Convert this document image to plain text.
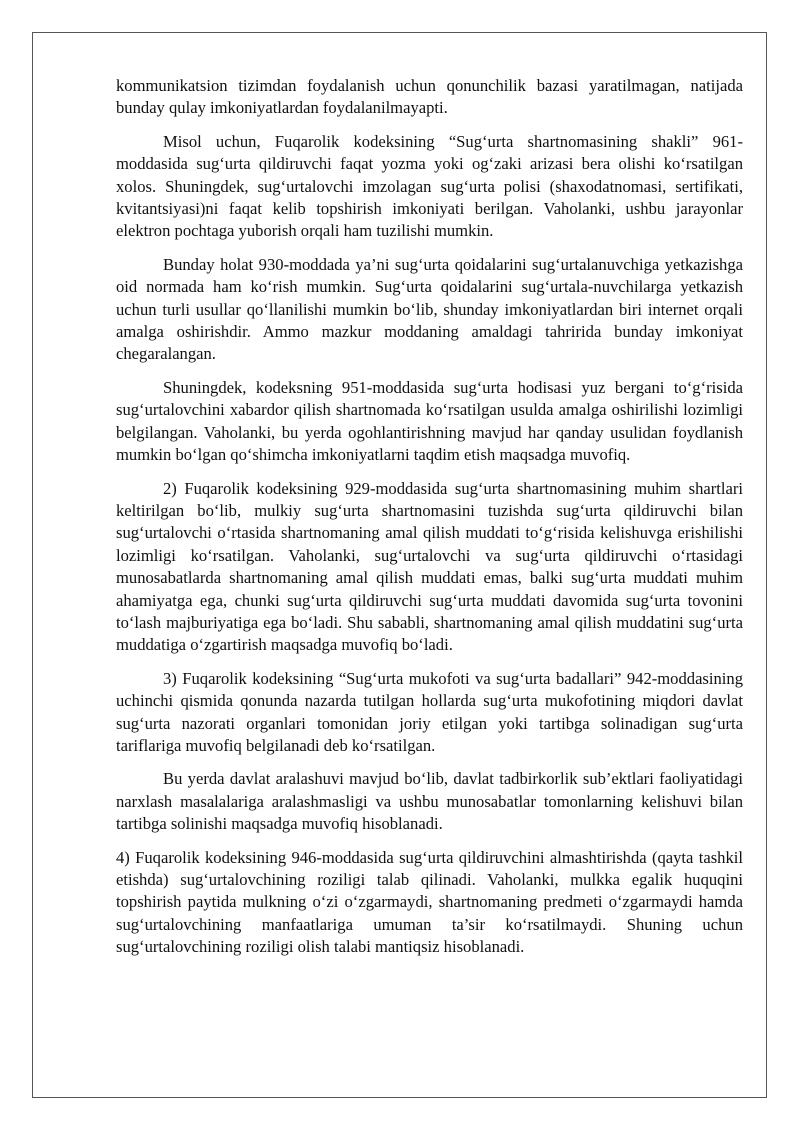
kommunikatsion tizimdan foydalanish uchun qonunchilik bazasi yaratilmagan, natijada bunday qulay imkoniyatlardan foydalanilmayapti.

Misol uchun, Fuqarolik kodeksining “Sug‘urta shartnomasining shakli” 961-moddasida sug‘urta qildiruvchi faqat yozma yoki og‘zaki arizasi bera olishi ko‘rsatilgan xolos. Shuningdek, sug‘urtalovchi imzolagan sug‘urta polisi (shaxodatnomasi, sertifikati, kvitantsiyasi)ni faqat kelib topshirish imkoniyati berilgan. Vaholanki, ushbu jarayonlar elektron pochtaga yuborish orqali ham tuzilishi mumkin.

Bunday holat 930-moddada ya’ni sug‘urta qoidalarini sug‘urtalanuvchiga yetkazishga oid normada ham ko‘rish mumkin. Sug‘urta qoidalarini sug‘urtala-nuvchilarga yetkazish uchun turli usullar qo‘llanilishi mumkin bo‘lib, shunday imkoniyatlardan biri internet orqali amalga oshirishdir. Ammo mazkur moddaning amaldagi tahririda bunday imkoniyat chegaralangan.

Shuningdek, kodeksning 951-moddasida sug‘urta hodisasi yuz bergani to‘g‘risida sug‘urtalovchini xabardor qilish shartnomada ko‘rsatilgan usulda amalga oshirilishi lozimligi belgilangan. Vaholanki, bu yerda ogohlantirishning mavjud har qanday usulidan foydlanish mumkin bo‘lgan qo‘shimcha imkoniyatlarni taqdim etish maqsadga muvofiq.

2) Fuqarolik kodeksining 929-moddasida sug‘urta shartnomasining muhim shartlari keltirilgan bo‘lib, mulkiy sug‘urta shartnomasini tuzishda sug‘urta qildiruvchi bilan sug‘urtalovchi o‘rtasida shartnomaning amal qilish muddati to‘g‘risida kelishuvga erishilishi lozimligi ko‘rsatilgan. Vaholanki, sug‘urtalovchi va sug‘urta qildiruvchi o‘rtasidagi munosabatlarda shartnomaning amal qilish muddati emas, balki sug‘urta muddati muhim ahamiyatga ega, chunki sug‘urta qildiruvchi sug‘urta muddati davomida sug‘urta tovonini to‘lash majburiyatiga ega bo‘ladi. Shu sababli, shartnomaning amal qilish muddatini sug‘urta muddatiga o‘zgartirish maqsadga muvofiq bo‘ladi.

3) Fuqarolik kodeksining “Sug‘urta mukofoti va sug‘urta badallari” 942-moddasining uchinchi qismida qonunda nazarda tutilgan hollarda sug‘urta mukofotining miqdori davlat sug‘urta nazorati organlari tomonidan joriy etilgan yoki tartibga solinadigan sug‘urta tariflariga muvofiq belgilanadi deb ko‘rsatilgan.

Bu yerda davlat aralashuvi mavjud bo‘lib, davlat tadbirkorlik sub’ektlari faoliyatidagi narxlash masalalariga aralashmasligi va ushbu munosabatlar tomonlarning kelishuvi bilan tartibga solinishi maqsadga muvofiq hisoblanadi.

4) Fuqarolik kodeksining 946-moddasida sug‘urta qildiruvchini almashtirishda (qayta tashkil etishda) sug‘urtalovchining roziligi talab qilinadi. Vaholanki, mulkka egalik huquqini topshirish paytida mulkning o‘zi o‘zgarmaydi, shartnomaning predmeti o‘zgarmaydi hamda sug‘urtalovchining manfaatlariga umuman ta’sir ko‘rsatilmaydi. Shuning uchun sug‘urtalovchining roziligi olish talabi mantiqsiz hisoblanadi.
